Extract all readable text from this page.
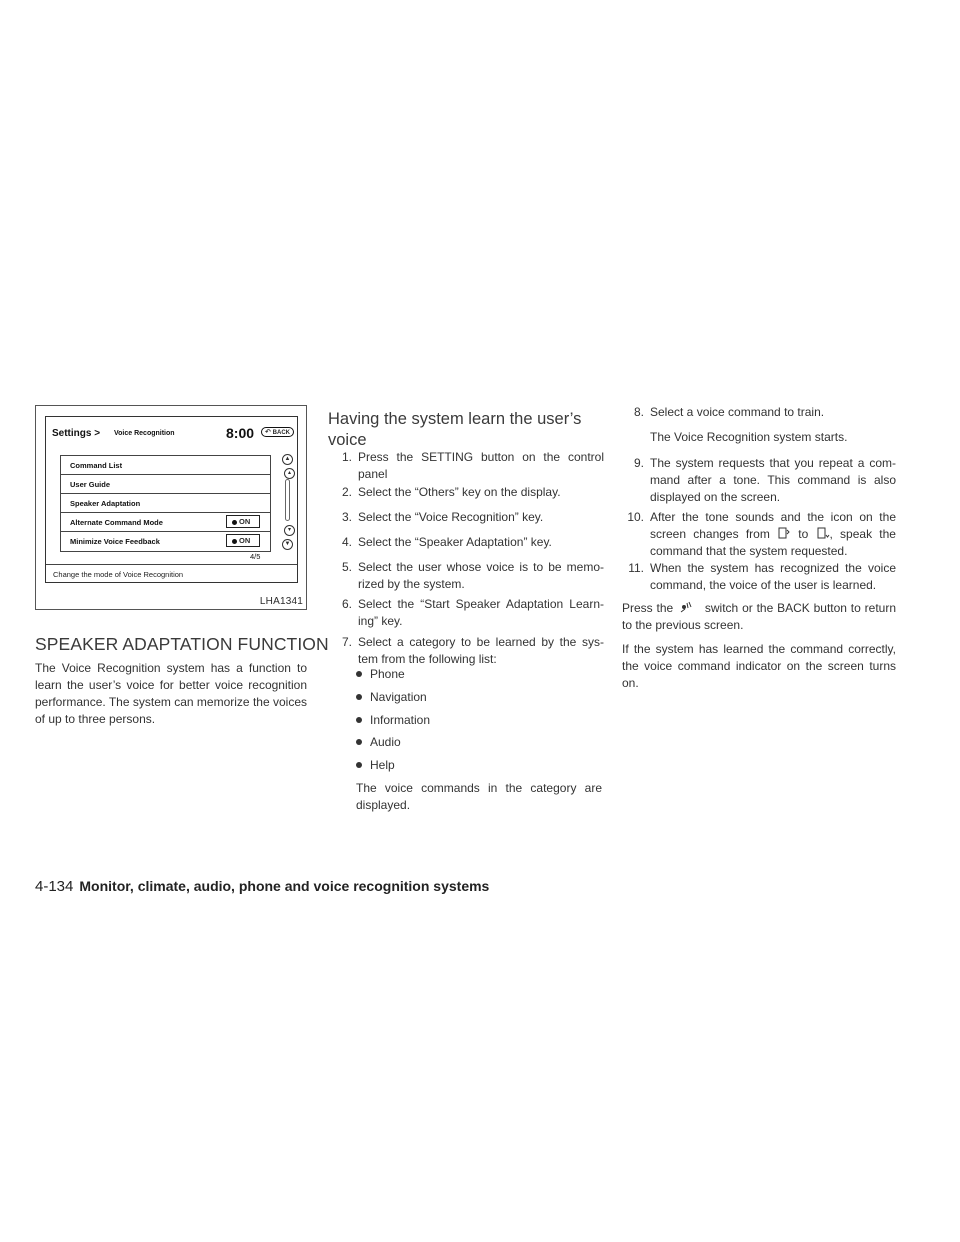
Settings > Voice Recognition	8:00 ↶ BACK
Command List
User Guide
Speaker Adaptation
Alternate Command Mode	ON
Minimize Voice Feedback	ON
▲
▴
▾
▼
4/5
Change the mode of Voice Recognition
LHA1341
SPEAKER ADAPTATION FUNCTION

The Voice Recognition system has a function to learn the user’s voice for better voice recognition performance. The system can memorize the voices of up to three persons.

Having the system learn the user’s voice
1. Press the SETTING button on the control panel
2. Select the “Others” key on the display.
3. Select the “Voice Recognition” key.
4. Select the “Speaker Adaptation” key.
5. Select the user whose voice is to be memo-rized by the system.
6. Select the “Start Speaker Adaptation Learn-ing” key.
7. Select a category to be learned by the sys-tem from the following list:
Phone
Navigation
Information
Audio
Help

The voice commands in the category are displayed.

8. Select a voice command to train.

The Voice Recognition system starts.

9. The system requests that you repeat a com-mand after a tone. This command is also displayed on the screen.
10. After the tone sounds and the icon on the screen changes from to , speak the command that the system requested.
11. When the system has recognized the voice command, the voice of the user is learned.

Press the	switch or the BACK button to return to the previous screen.

If the system has learned the command correctly, the voice command indicator on the screen turns on.

4-134 Monitor, climate, audio, phone and voice recognition systems
